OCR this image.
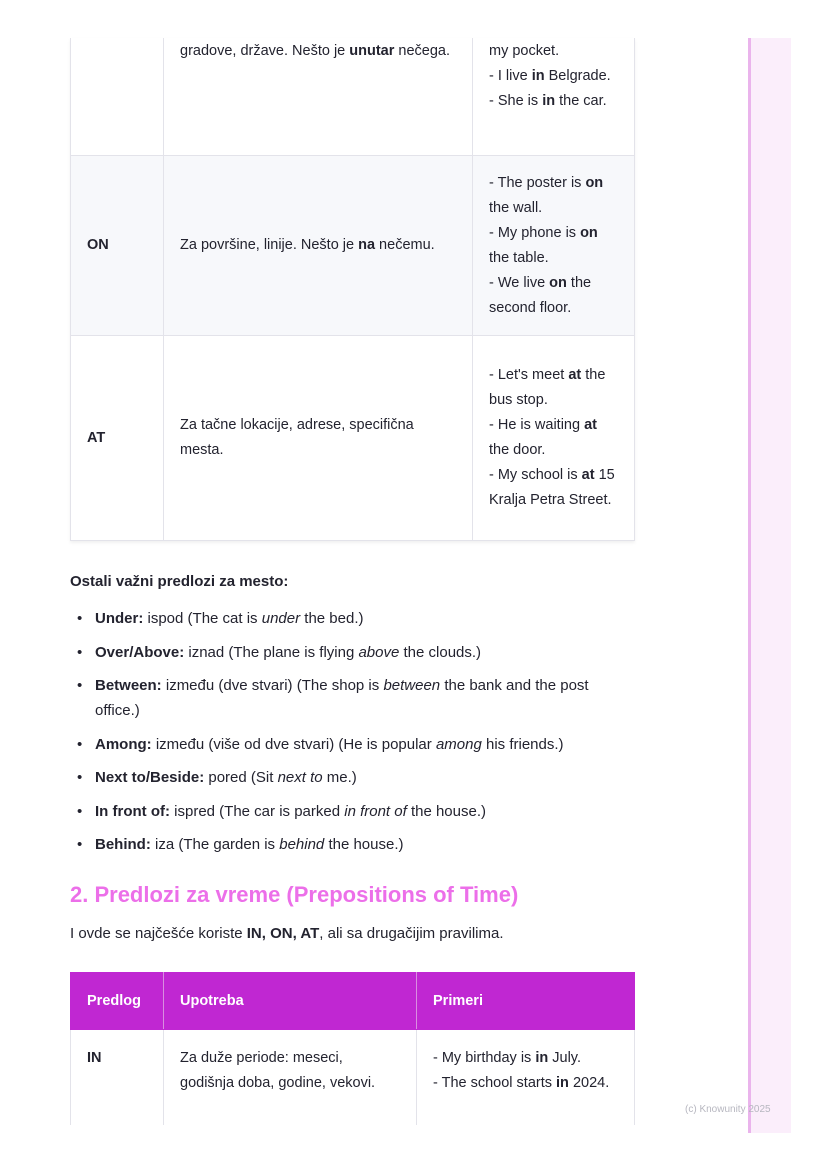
(c) Knowunity 2025
	gradove, države. Nešto je unutar nečega.	my pocket.
- I live in Belgrade.
- She is in the car.

ON	Za površine, linije. Nešto je na nečemu.	- The poster is on the wall.
- My phone is on the table.
- We live on the second floor.

AT	Za tačne lokacije, adrese, specifična mesta.	- Let's meet at the bus stop.
- He is waiting at the door.
- My school is at 15 Kralja Petra Street.
Ostali važni predlozi za mesto:
• Under: ispod (The cat is under the bed.)
• Over/Above: iznad (The plane is flying above the clouds.)
• Between: između (dve stvari) (The shop is between the bank and the post office.)
• Among: između (više od dve stvari) (He is popular among his friends.)
• Next to/Beside: pored (Sit next to me.)
• In front of: ispred (The car is parked in front of the house.)
• Behind: iza (The garden is behind the house.)
2. Predlozi za vreme (Prepositions of Time)

I ovde se najčešće koriste IN, ON, AT, ali sa drugačijim pravilima.

Predlog	Upotreba	Primeri
IN	Za duže periode: meseci, godišnja doba, godine, vekovi.	- My birthday is in July.
- The school starts in 2024.
